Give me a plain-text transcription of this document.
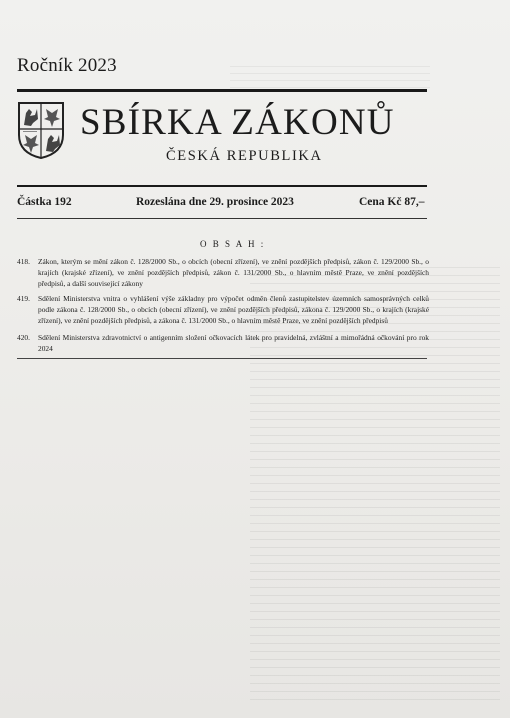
Ročník 2023
SBÍRKA ZÁKONŮ
ČESKÁ REPUBLIKA
Částka 192	Rozeslána dne 29. prosince 2023	Cena Kč 87,–
O B S A H :
418.	Zákon, kterým se mění zákon č. 128/2000 Sb., o obcích (obecní zřízení), ve znění pozdějších předpisů, zákon č. 129/2000 Sb., o krajích (krajské zřízení), ve znění pozdějších předpisů, zákon č. 131/2000 Sb., o hlavním městě Praze, ve znění pozdějších předpisů, a další související zákony
419.	Sdělení Ministerstva vnitra o vyhlášení výše základny pro výpočet odměn členů zastupitelstev územních samosprávných celků podle zákona č. 128/2000 Sb., o obcích (obecní zřízení), ve znění pozdějších předpisů, zákona č. 129/2000 Sb., o krajích (krajské zřízení), ve znění pozdějších předpisů, a zákona č. 131/2000 Sb., o hlavním městě Praze, ve znění pozdějších předpisů
420.	Sdělení Ministerstva zdravotnictví o antigenním složení očkovacích látek pro pravidelná, zvláštní a mimořádná očkování pro rok 2024
